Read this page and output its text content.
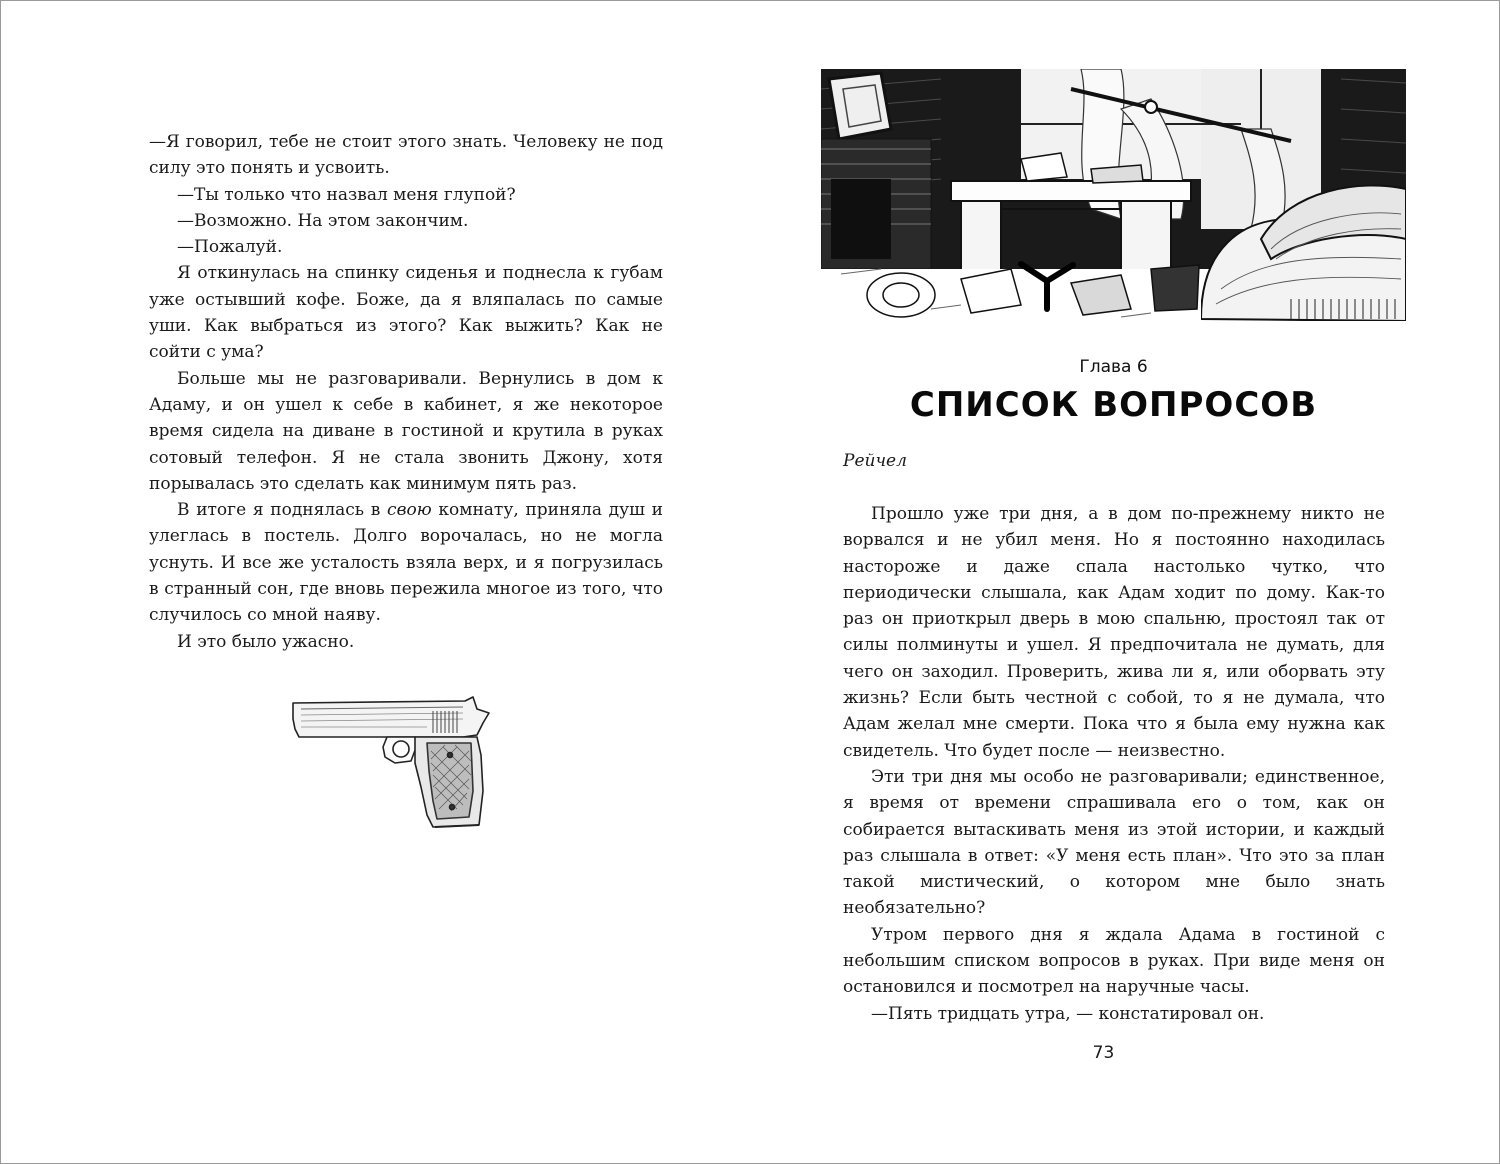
—Я говорил, тебе не стоит этого знать. Человеку не под силу это понять и усвоить.

—Ты только что назвал меня глупой?

—Возможно. На этом закончим.

—Пожалуй.

Я откинулась на спинку сиденья и поднесла к губам уже остывший кофе. Боже, да я вляпалась по самые уши. Как выбраться из этого? Как выжить? Как не сойти с ума?

Больше мы не разговаривали. Вернулись в дом к Адаму, и он ушел к себе в кабинет, я же некоторое время сидела на диване в гостиной и крутила в руках сотовый телефон. Я не стала звонить Джону, хотя порывалась это сделать как минимум пять раз.

В итоге я поднялась в свою комнату, приняла душ и улеглась в постель. Долго ворочалась, но не могла уснуть. И все же усталость взяла верх, и я погрузилась в странный сон, где вновь пережила многое из того, что случилось со мной наяву.

И это было ужасно.

Глава 6
СПИСОК ВОПРОСОВ
Рейчел

Прошло уже три дня, а в дом по-прежнему никто не ворвался и не убил меня. Но я постоянно находилась настороже и даже спала настолько чутко, что периодически слышала, как Адам ходит по дому. Как-то раз он приоткрыл дверь в мою спальню, простоял так от силы полминуты и ушел. Я предпочитала не думать, для чего он заходил. Проверить, жива ли я, или оборвать эту жизнь? Если быть честной с собой, то я не думала, что Адам желал мне смерти. Пока что я была ему нужна как свидетель. Что будет после — неизвестно.

Эти три дня мы особо не разговаривали; единственное, я время от времени спрашивала его о том, как он собирается вытаскивать меня из этой истории, и каждый раз слышала в ответ: «У меня есть план». Что это за план такой мистический, о котором мне было знать необязательно?

Утром первого дня я ждала Адама в гостиной с небольшим списком вопросов в руках. При виде меня он остановился и посмотрел на наручные часы.

—Пять тридцать утра, — констатировал он.

73
